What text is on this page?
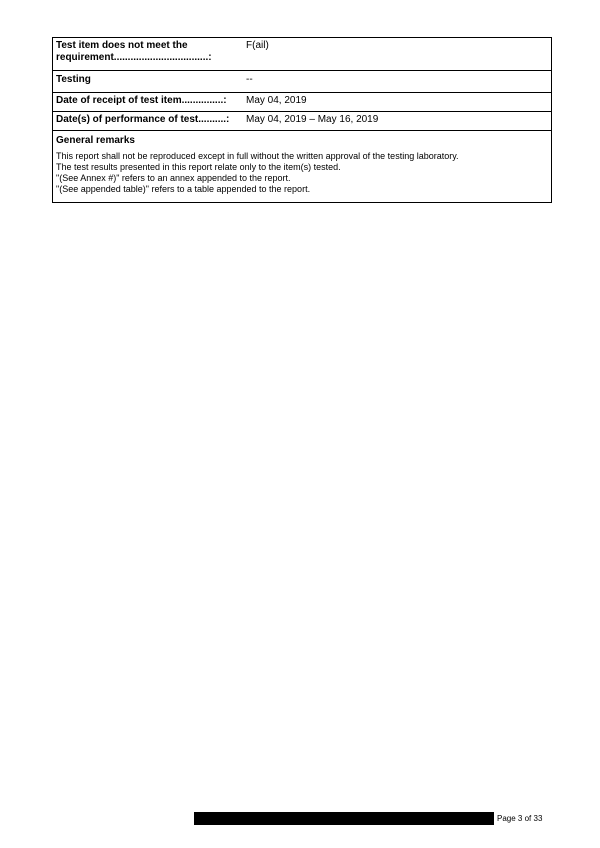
Test item does not meet the requirement..................................:	F(ail)
Testing	--
Date of receipt of test item...............:	May 04, 2019
Date(s) of performance of test..........:	May 04, 2019 – May 16, 2019
General remarks
This report shall not be reproduced except in full without the written approval of the testing laboratory.
The test results presented in this report relate only to the item(s) tested.
"(See Annex #)" refers to an annex appended to the report.
"(See appended table)" refers to a table appended to the report.
Page 3 of 33
